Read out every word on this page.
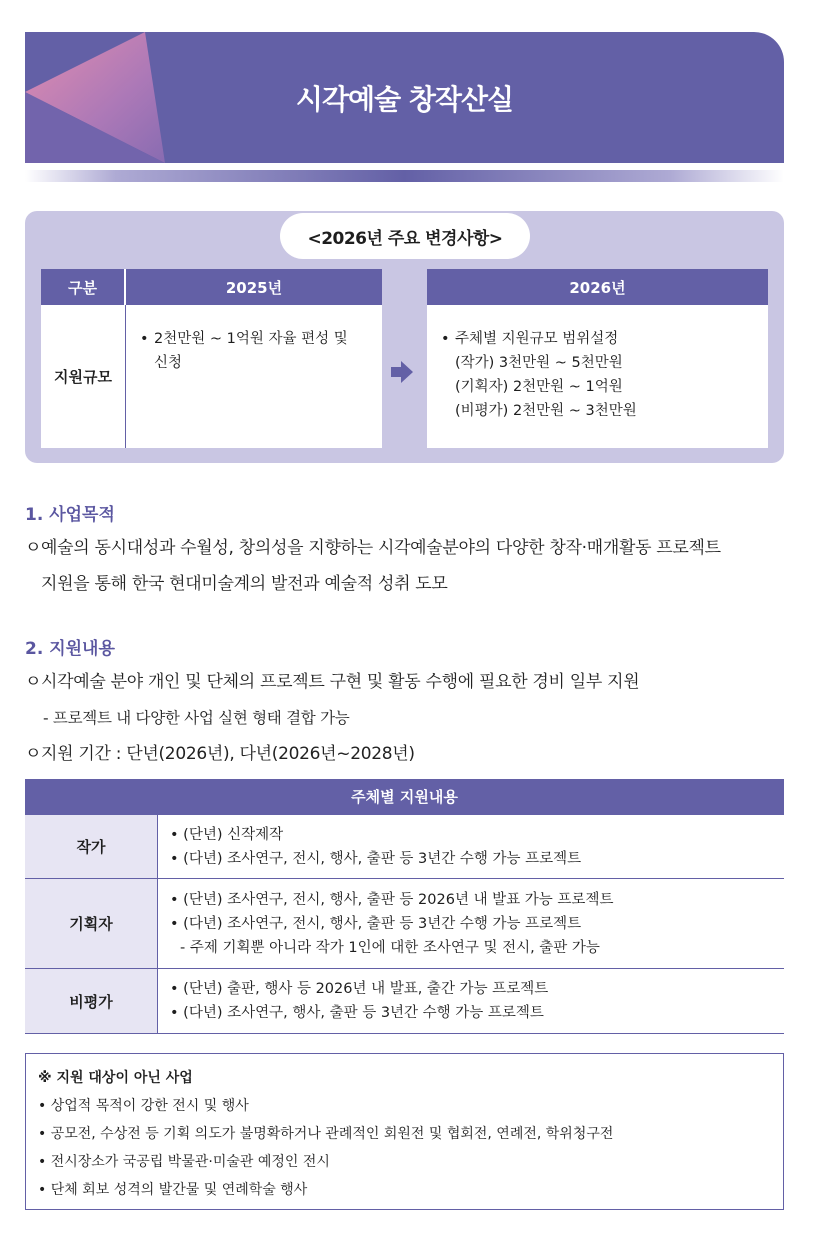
시각예술 창작산실
<2026년 주요 변경사항>
구분	2025년
지원규모
• 2천만원 ~ 1억원 자율 편성 및
신청
2026년
• 주체별 지원규모 범위설정
(작가) 3천만원 ~ 5천만원
(기획자) 2천만원 ~ 1억원
(비평가) 2천만원 ~ 3천만원
1. 사업목적
ㅇ예술의 동시대성과 수월성, 창의성을 지향하는 시각예술분야의 다양한 창작·매개활동 프로젝트
지원을 통해 한국 현대미술계의 발전과 예술적 성취 도모
2. 지원내용
ㅇ시각예술 분야 개인 및 단체의 프로젝트 구현 및 활동 수행에 필요한 경비 일부 지원
- 프로젝트 내 다양한 사업 실현 형태 결합 가능
ㅇ지원 기간 : 단년(2026년), 다년(2026년~2028년)
주체별 지원내용
작가
• (단년) 신작제작
• (다년) 조사연구, 전시, 행사, 출판 등 3년간 수행 가능 프로젝트
기획자
• (단년) 조사연구, 전시, 행사, 출판 등 2026년 내 발표 가능 프로젝트
• (다년) 조사연구, 전시, 행사, 출판 등 3년간 수행 가능 프로젝트
- 주제 기획뿐 아니라 작가 1인에 대한 조사연구 및 전시, 출판 가능
비평가
• (단년) 출판, 행사 등 2026년 내 발표, 출간 가능 프로젝트
• (다년) 조사연구, 행사, 출판 등 3년간 수행 가능 프로젝트
※ 지원 대상이 아닌 사업
• 상업적 목적이 강한 전시 및 행사
• 공모전, 수상전 등 기획 의도가 불명확하거나 관례적인 회원전 및 협회전, 연례전, 학위청구전
• 전시장소가 국공립 박물관·미술관 예정인 전시
• 단체 회보 성격의 발간물 및 연례학술 행사
